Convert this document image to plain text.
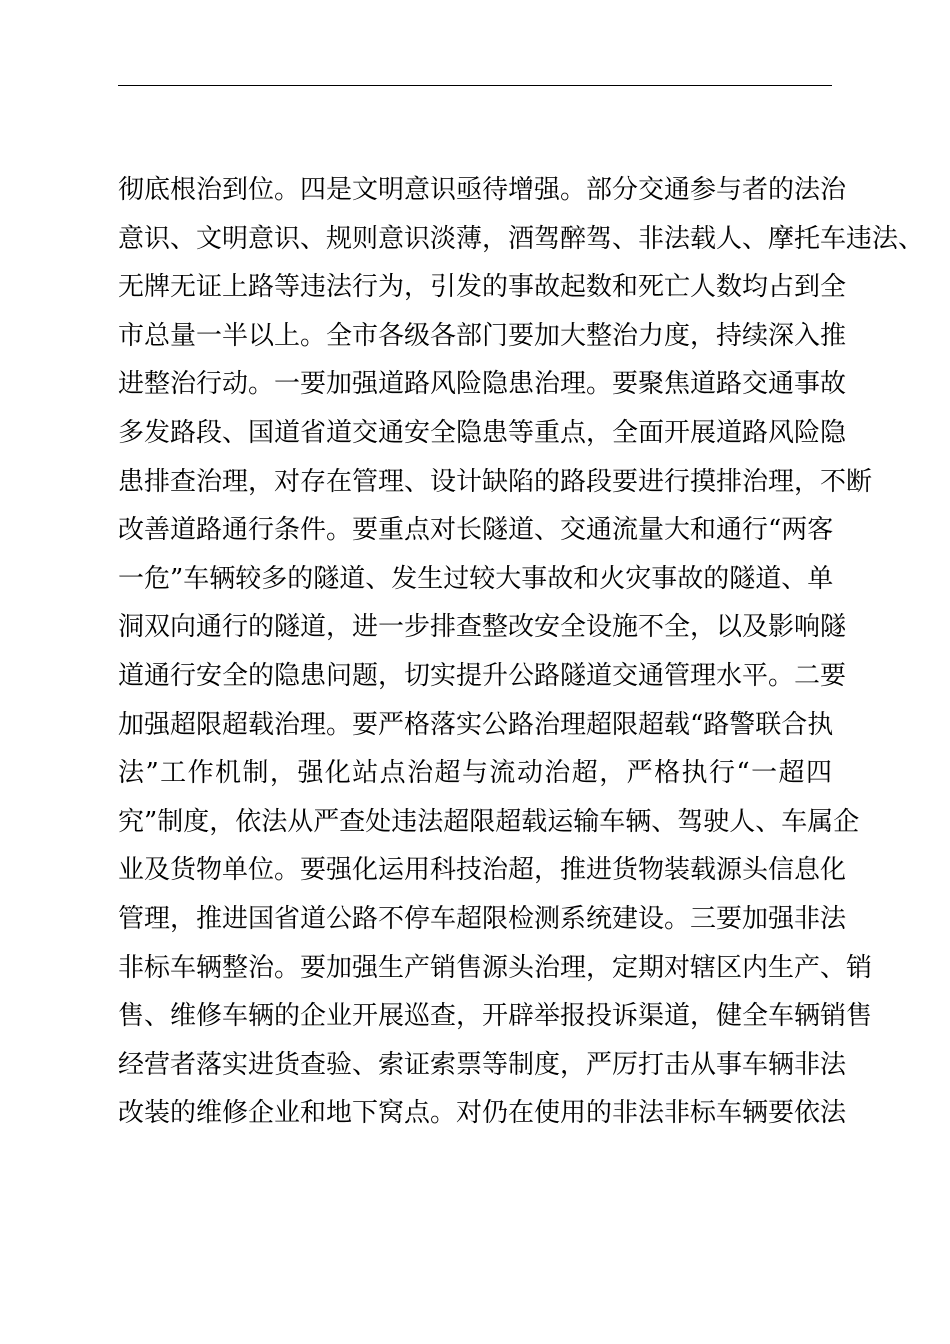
彻底根治到位。四是文明意识亟待增强。部分交通参与者的法治
意识、文明意识、规则意识淡薄，酒驾醉驾、非法载人、摩托车违法、
无牌无证上路等违法行为，引发的事故起数和死亡人数均占到全
市总量一半以上。全市各级各部门要加大整治力度，持续深入推
进整治行动。一要加强道路风险隐患治理。要聚焦道路交通事故
多发路段、国道省道交通安全隐患等重点，全面开展道路风险隐
患排查治理，对存在管理、设计缺陷的路段要进行摸排治理，不断
改善道路通行条件。要重点对长隧道、交通流量大和通行“两客
一危”车辆较多的隧道、发生过较大事故和火灾事故的隧道、单
洞双向通行的隧道，进一步排查整改安全设施不全，以及影响隧
道通行安全的隐患问题，切实提升公路隧道交通管理水平。二要
加强超限超载治理。要严格落实公路治理超限超载“路警联合执
法”工作机制，强化站点治超与流动治超，严格执行“一超四
究”制度，依法从严查处违法超限超载运输车辆、驾驶人、车属企
业及货物单位。要强化运用科技治超，推进货物装载源头信息化
管理，推进国省道公路不停车超限检测系统建设。三要加强非法
非标车辆整治。要加强生产销售源头治理，定期对辖区内生产、销
售、维修车辆的企业开展巡查，开辟举报投诉渠道，健全车辆销售
经营者落实进货查验、索证索票等制度，严厉打击从事车辆非法
改装的维修企业和地下窝点。对仍在使用的非法非标车辆要依法
